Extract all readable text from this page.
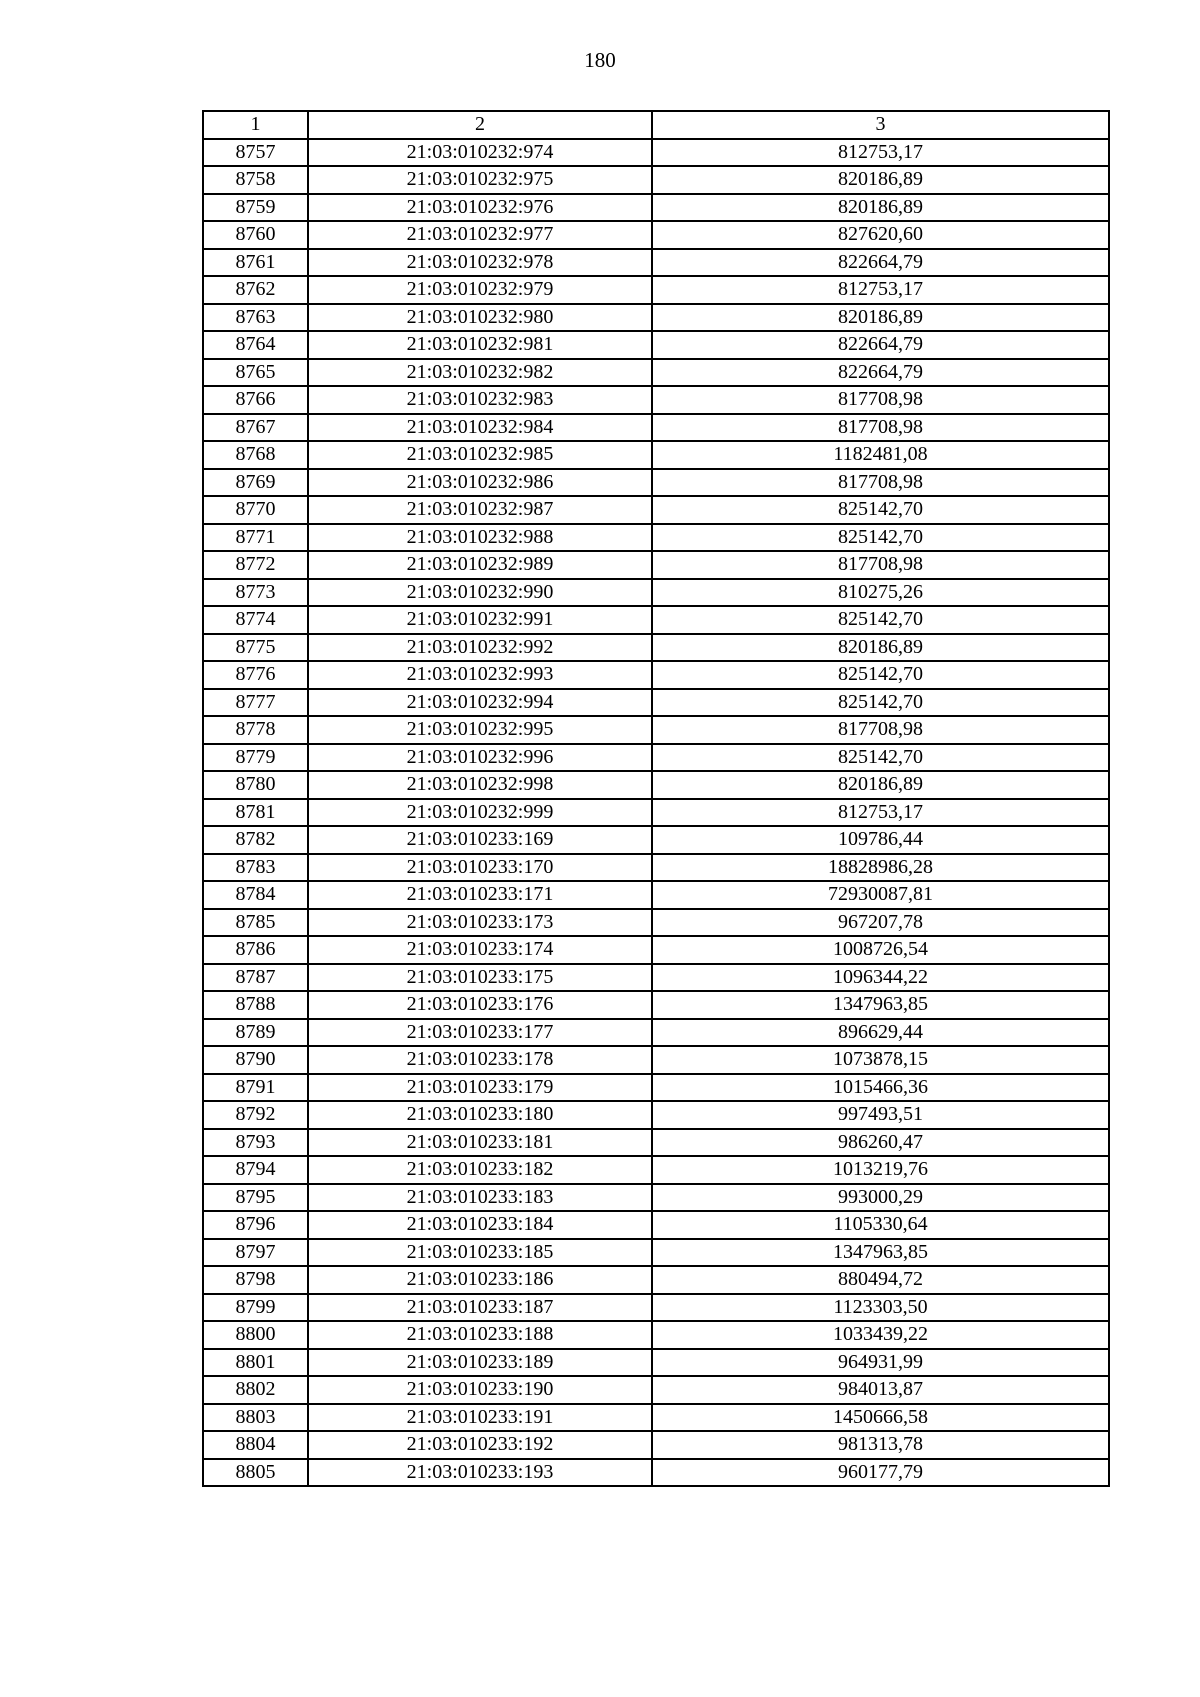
180
1	2	3
8757	21:03:010232:974	812753,17
8758	21:03:010232:975	820186,89
8759	21:03:010232:976	820186,89
8760	21:03:010232:977	827620,60
8761	21:03:010232:978	822664,79
8762	21:03:010232:979	812753,17
8763	21:03:010232:980	820186,89
8764	21:03:010232:981	822664,79
8765	21:03:010232:982	822664,79
8766	21:03:010232:983	817708,98
8767	21:03:010232:984	817708,98
8768	21:03:010232:985	1182481,08
8769	21:03:010232:986	817708,98
8770	21:03:010232:987	825142,70
8771	21:03:010232:988	825142,70
8772	21:03:010232:989	817708,98
8773	21:03:010232:990	810275,26
8774	21:03:010232:991	825142,70
8775	21:03:010232:992	820186,89
8776	21:03:010232:993	825142,70
8777	21:03:010232:994	825142,70
8778	21:03:010232:995	817708,98
8779	21:03:010232:996	825142,70
8780	21:03:010232:998	820186,89
8781	21:03:010232:999	812753,17
8782	21:03:010233:169	109786,44
8783	21:03:010233:170	18828986,28
8784	21:03:010233:171	72930087,81
8785	21:03:010233:173	967207,78
8786	21:03:010233:174	1008726,54
8787	21:03:010233:175	1096344,22
8788	21:03:010233:176	1347963,85
8789	21:03:010233:177	896629,44
8790	21:03:010233:178	1073878,15
8791	21:03:010233:179	1015466,36
8792	21:03:010233:180	997493,51
8793	21:03:010233:181	986260,47
8794	21:03:010233:182	1013219,76
8795	21:03:010233:183	993000,29
8796	21:03:010233:184	1105330,64
8797	21:03:010233:185	1347963,85
8798	21:03:010233:186	880494,72
8799	21:03:010233:187	1123303,50
8800	21:03:010233:188	1033439,22
8801	21:03:010233:189	964931,99
8802	21:03:010233:190	984013,87
8803	21:03:010233:191	1450666,58
8804	21:03:010233:192	981313,78
8805	21:03:010233:193	960177,79
